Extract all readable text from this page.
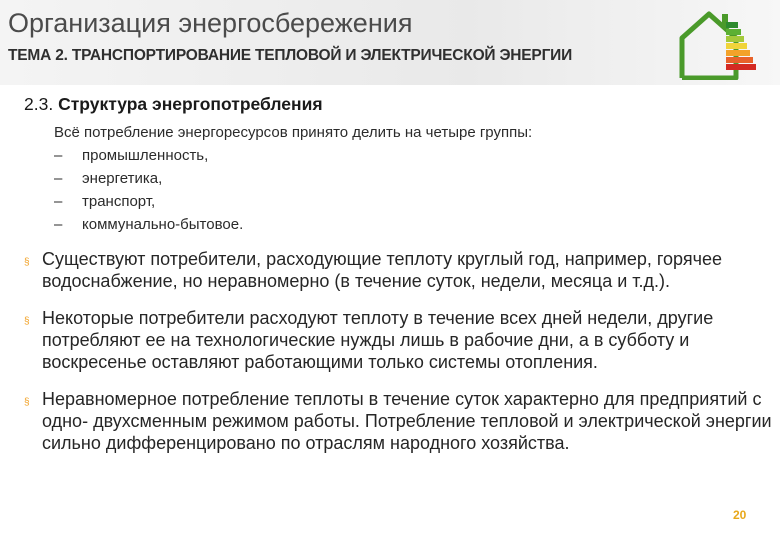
Организация энергосбережения
ТЕМА 2. ТРАНСПОРТИРОВАНИЕ ТЕПЛОВОЙ И ЭЛЕКТРИЧЕСКОЙ ЭНЕРГИИ
2.3. Структура энергопотребления
Всё потребление энергоресурсов принято делить на четыре группы:
–	промышленность,
–	энергетика,
–	транспорт,
–	коммунально-бытовое.
§ Существуют потребители, расходующие теплоту круглый год, например, горячее водоснабжение, но неравномерно (в течение суток, недели, месяца и т.д.).
§ Некоторые потребители расходуют теплоту в течение всех дней недели, другие потребляют ее на технологические нужды лишь в рабочие дни, а в субботу и воскресенье оставляют работающими только системы отопления.
§ Неравномерное потребление теплоты в течение суток характерно для предприятий с одно- двухсменным режимом работы. Потребление тепловой и электрической энергии сильно дифференцировано по отраслям народного хозяйства.
20
